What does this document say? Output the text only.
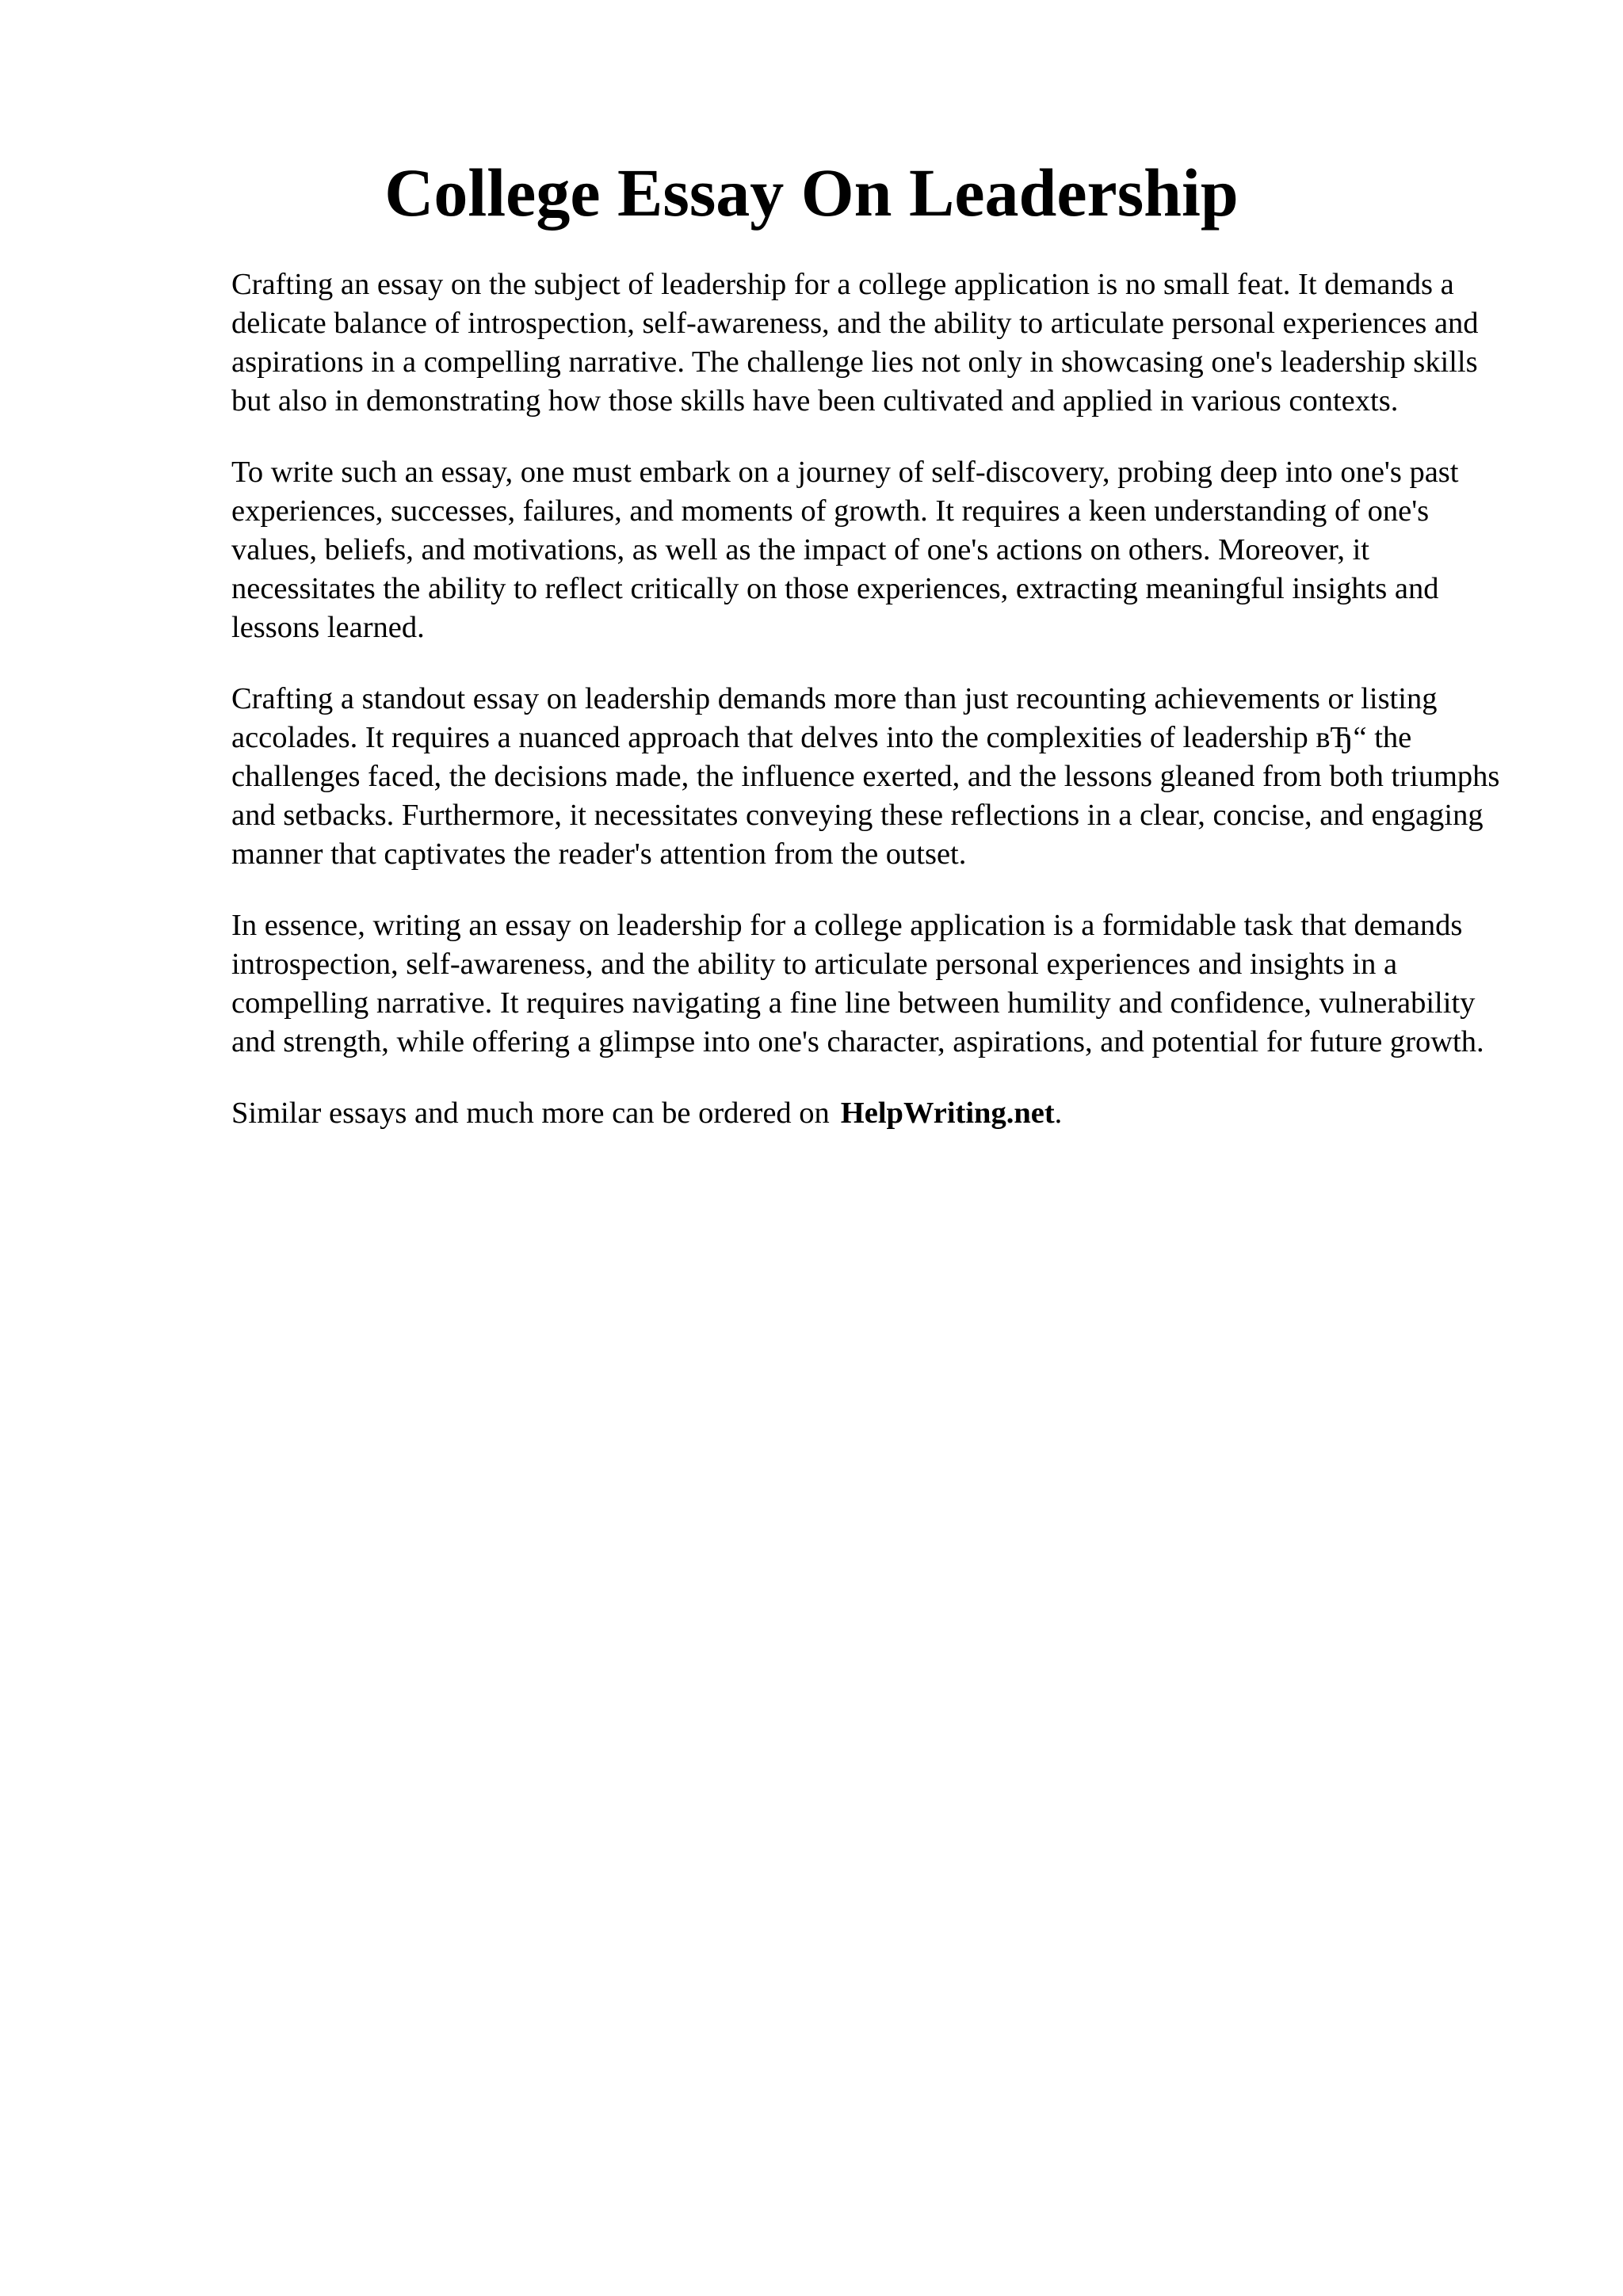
College Essay On Leadership

Crafting an essay on the subject of leadership for a college application is no small feat. It demands a delicate balance of introspection, self-awareness, and the ability to articulate personal experiences and aspirations in a compelling narrative. The challenge lies not only in showcasing one's leadership skills but also in demonstrating how those skills have been cultivated and applied in various contexts.

To write such an essay, one must embark on a journey of self-discovery, probing deep into one's past experiences, successes, failures, and moments of growth. It requires a keen understanding of one's values, beliefs, and motivations, as well as the impact of one's actions on others. Moreover, it necessitates the ability to reflect critically on those experiences, extracting meaningful insights and lessons learned.

Crafting a standout essay on leadership demands more than just recounting achievements or listing accolades. It requires a nuanced approach that delves into the complexities of leadership вЂ“ the challenges faced, the decisions made, the influence exerted, and the lessons gleaned from both triumphs and setbacks. Furthermore, it necessitates conveying these reflections in a clear, concise, and engaging manner that captivates the reader's attention from the outset.

In essence, writing an essay on leadership for a college application is a formidable task that demands introspection, self-awareness, and the ability to articulate personal experiences and insights in a compelling narrative. It requires navigating a fine line between humility and confidence, vulnerability and strength, while offering a glimpse into one's character, aspirations, and potential for future growth.

Similar essays and much more can be ordered on HelpWriting.net.
